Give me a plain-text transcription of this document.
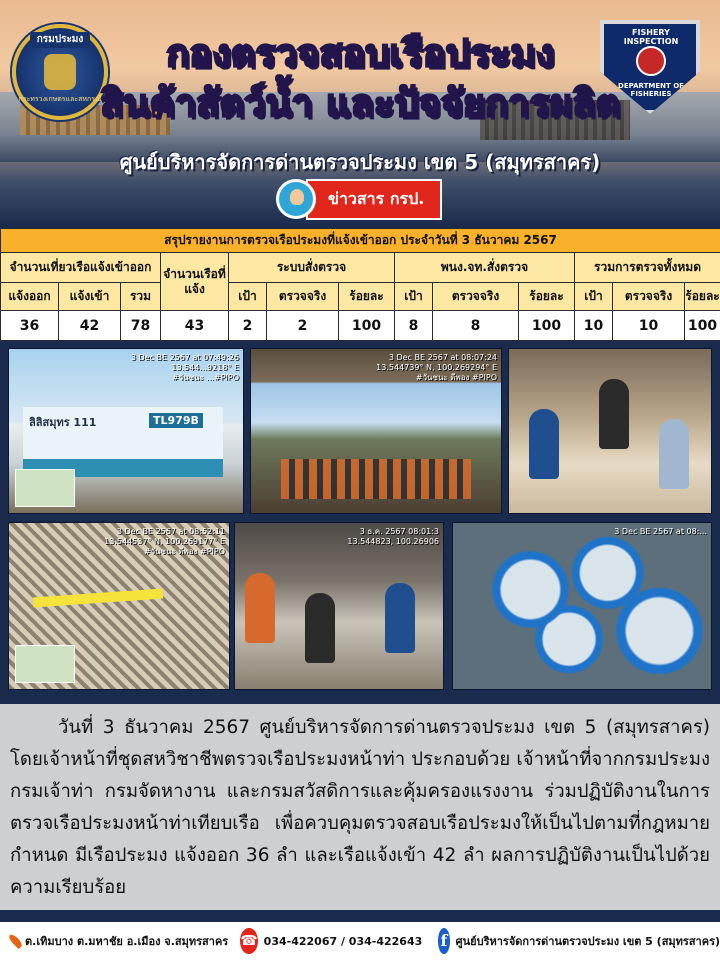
กรมประมง
กระทรวงเกษตรและสหกรณ์
กองตรวจสอบเรือประมง
สินค้าสัตว์น้ำ และปัจจัยการผลิต
FISHERY INSPECTION
DEPARTMENT OF FISHERIES
ศูนย์บริหารจัดการด่านตรวจประมง เขต 5 (สมุทรสาคร)
ข่าวสาร กรป.
สรุปรายงานการตรวจเรือประมงที่แจ้งเข้าออก ประจำวันที่ 3 ธันวาคม 2567												
จำนวนเที่ยวเรือแจ้งเข้าออก			จำนวนเรือที่แจ้ง	ระบบสั่งตรวจ			พนง.จท.สั่งตรวจ			รวมการตรวจทั้งหมด		
แจ้งออก	แจ้งเข้า	รวม		เป้า	ตรวจจริง	ร้อยละ	เป้า	ตรวจจริง	ร้อยละ	เป้า	ตรวจจริง	ร้อยละ
36	42	78	43	2	2	100	8	8	100	10	10	100
ลิลิสมุทร 111	TL979B
3 Dec BE 2567 at 07:49:26
13.544...9218° E
#วันชนะ ...#PIPO
3 Dec BE 2567 at 08:07:24
13.544739° N, 100.269294° E
#วันชนะ ดีพอง #PIPO
3 Dec BE 2567 at 08:52:11
13.544537° N, 100.269177° E
#วันชนะ ดีพอง #PIPO
3 ธ.ค. 2567 08:01:3
13.544823, 100.26906
3 Dec BE 2567 at 08:...

วันที่ 3 ธันวาคม 2567 ศูนย์บริหารจัดการด่านตรวจประมง เขต 5 (สมุทรสาคร) โดยเจ้าหน้าที่ชุดสหวิชาชีพตรวจเรือประมงหน้าท่า ประกอบด้วย เจ้าหน้าที่จากกรมประมง กรมเจ้าท่า กรมจัดหางาน และกรมสวัสดิการและคุ้มครองแรงงาน ร่วมปฏิบัติงานในการตรวจเรือประมงหน้าท่าเทียบเรือ เพื่อควบคุมตรวจสอบเรือประมงให้เป็นไปตามที่กฎหมายกำหนด มีเรือประมง แจ้งออก 36 ลำ และเรือแจ้งเข้า 42 ลำ ผลการปฏิบัติงานเป็นไปด้วยความเรียบร้อย

ต.เทิมบาง ต.มหาชัย อ.เมือง จ.สมุทรสาคร ☎ 034-422067 / 034-422643 f ศูนย์บริหารจัดการด่านตรวจประมง เขต 5 (สมุทรสาคร)
